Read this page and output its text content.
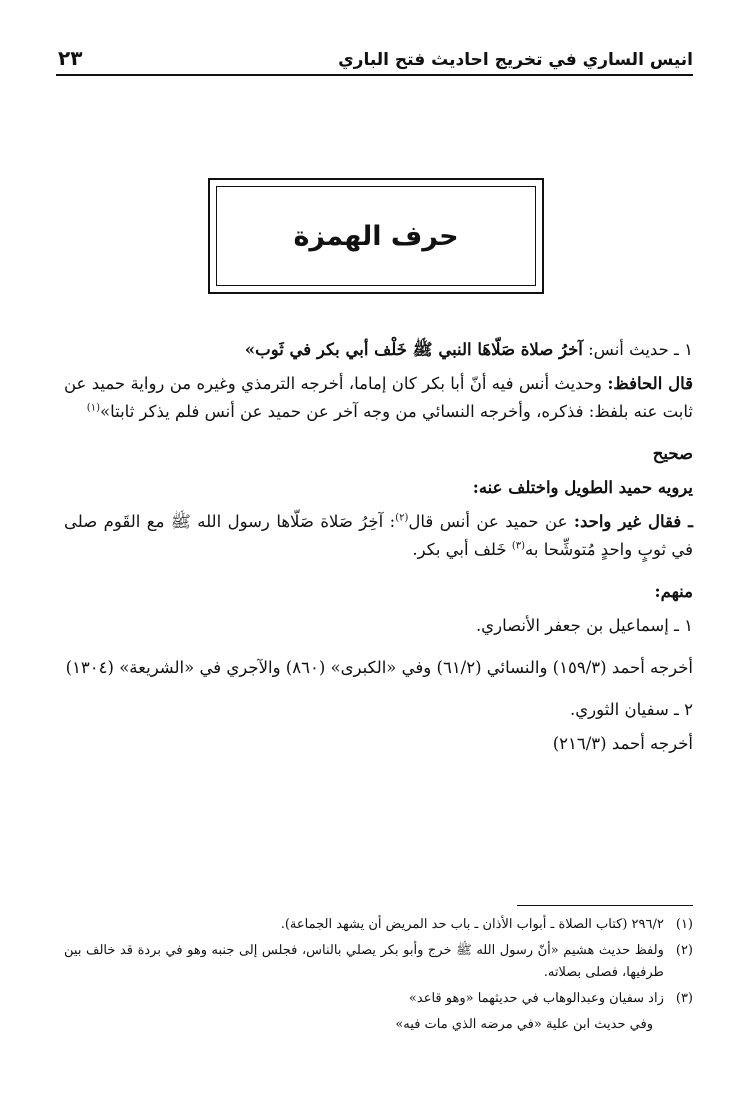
انيس الساري في تخريج احاديث فتح الباري
٢٣
حرف الهمزة

١ ـ حديث أنس: آخرُ صلاة صَلّاهَا النبي ﷺ خَلْف أبي بكر في ثَوب»

قال الحافظ: وحديث أنس فيه أنّ أبا بكر كان إماما، أخرجه الترمذي وغيره من رواية حميد عن ثابت عنه بلفظ: فذكره، وأخرجه النسائي من وجه آخر عن حميد عن أنس فلم يذكر ثابتا»$^{(١)}$

صحيح

يرويه حميد الطويل واختلف عنه:

ـ فقال غير واحد: عن حميد عن أنس قال$^{(٢)}$: آخِرُ صَلاة صَلّاها رسول الله ﷺ مع القَوم صلى في ثوبٍ واحدٍ مُتوشِّحا به$^{(٣)}$ خَلف أبي بكر.

منهم:

١ ـ إسماعيل بن جعفر الأنصاري.

أخرجه أحمد (١٥٩/٣) والنسائي (٦١/٢) وفي «الكبرى» (٨٦٠) والآجري في «الشريعة» (١٣٠٤)

٢ ـ سفيان الثوري.

أخرجه أحمد (٢١٦/٣)

(١)
٢٩٦/٢ (كتاب الصلاة ـ أبواب الأذان ـ باب حد المريض أن يشهد الجماعة).
(٢)
ولفظ حديث هشيم «أنّ رسول الله ﷺ خرج وأبو بكر يصلي بالناس، فجلس إلى جنبه وهو في بردة قد خالف بين طرفيها، فصلى بصلاته.
(٣)
زاد سفيان وعبدالوهاب في حديثهما «وهو قاعد»
وفي حديث ابن علية «في مرضه الذي مات فيه»
